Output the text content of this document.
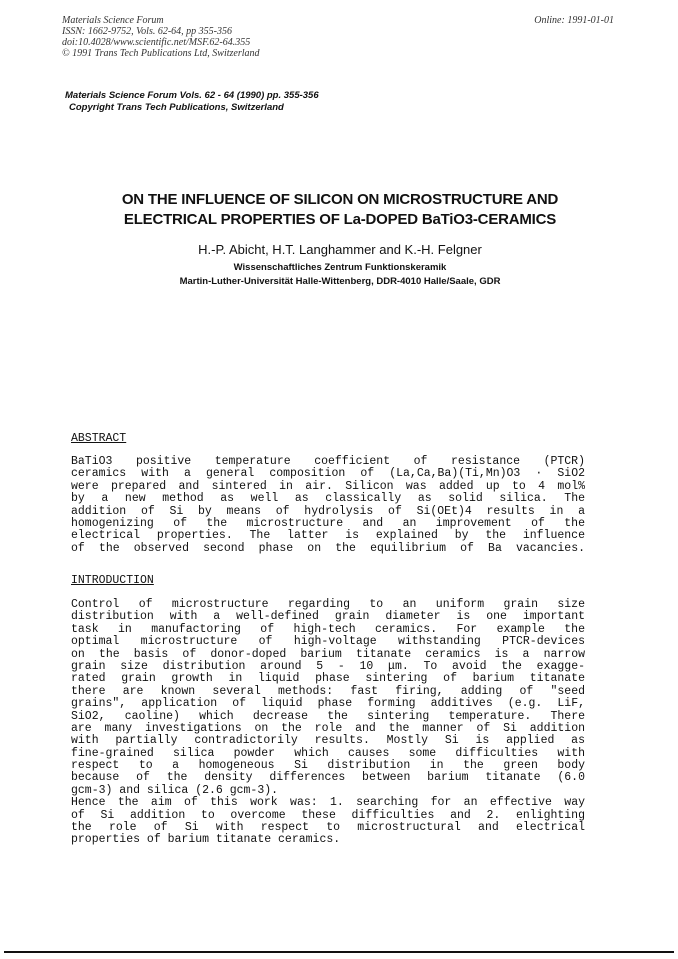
Materials Science Forum
ISSN: 1662-9752, Vols. 62-64, pp 355-356
doi:10.4028/www.scientific.net/MSF.62-64.355
© 1991 Trans Tech Publications Ltd, Switzerland
Online: 1991-01-01
Materials Science Forum Vols. 62 - 64 (1990) pp. 355-356
Copyright Trans Tech Publications, Switzerland
ON THE INFLUENCE OF SILICON ON MICROSTRUCTURE AND
ELECTRICAL PROPERTIES OF La-DOPED BaTiO3-CERAMICS
H.-P. Abicht, H.T. Langhammer and K.-H. Felgner
Wissenschaftliches Zentrum Funktionskeramik
Martin-Luther-Universität Halle-Wittenberg, DDR-4010 Halle/Saale, GDR
ABSTRACT
BaTiO3 positive temperature coefficient of resistance (PTCR)
ceramics with a general composition of (La,Ca,Ba)(Ti,Mn)O3 · SiO2
were prepared and sintered in air. Silicon was added up to 4 mol%
by a new method as well as classically as solid silica. The
addition of Si by means of hydrolysis of Si(OEt)4 results in a
homogenizing of the microstructure and an improvement of the
electrical properties. The latter is explained by the influence
of the observed second phase on the equilibrium of Ba vacancies.
INTRODUCTION
Control of microstructure regarding to an uniform grain size
distribution with a well-defined grain diameter is one important
task in manufactoring of high-tech ceramics. For example the
optimal microstructure of high-voltage withstanding PTCR-devices
on the basis of donor-doped barium titanate ceramics is a narrow
grain size distribution around 5 - 10 μm. To avoid the exagge-
rated grain growth in liquid phase sintering of barium titanate
there are known several methods: fast firing, adding of "seed
grains", application of liquid phase forming additives (e.g. LiF,
SiO2, caoline) which decrease the sintering temperature. There
are many investigations on the role and the manner of Si addition
with partially contradictorily results. Mostly Si is applied as
fine-grained silica powder which causes some difficulties with
respect to a homogeneous Si distribution in the green body
because of the density differences between barium titanate (6.0
gcm-3) and silica (2.6 gcm-3).
Hence the aim of this work was: 1. searching for an effective way
of Si addition to overcome these difficulties and 2. enlighting
the role of Si with respect to microstructural and electrical
properties of barium titanate ceramics.
